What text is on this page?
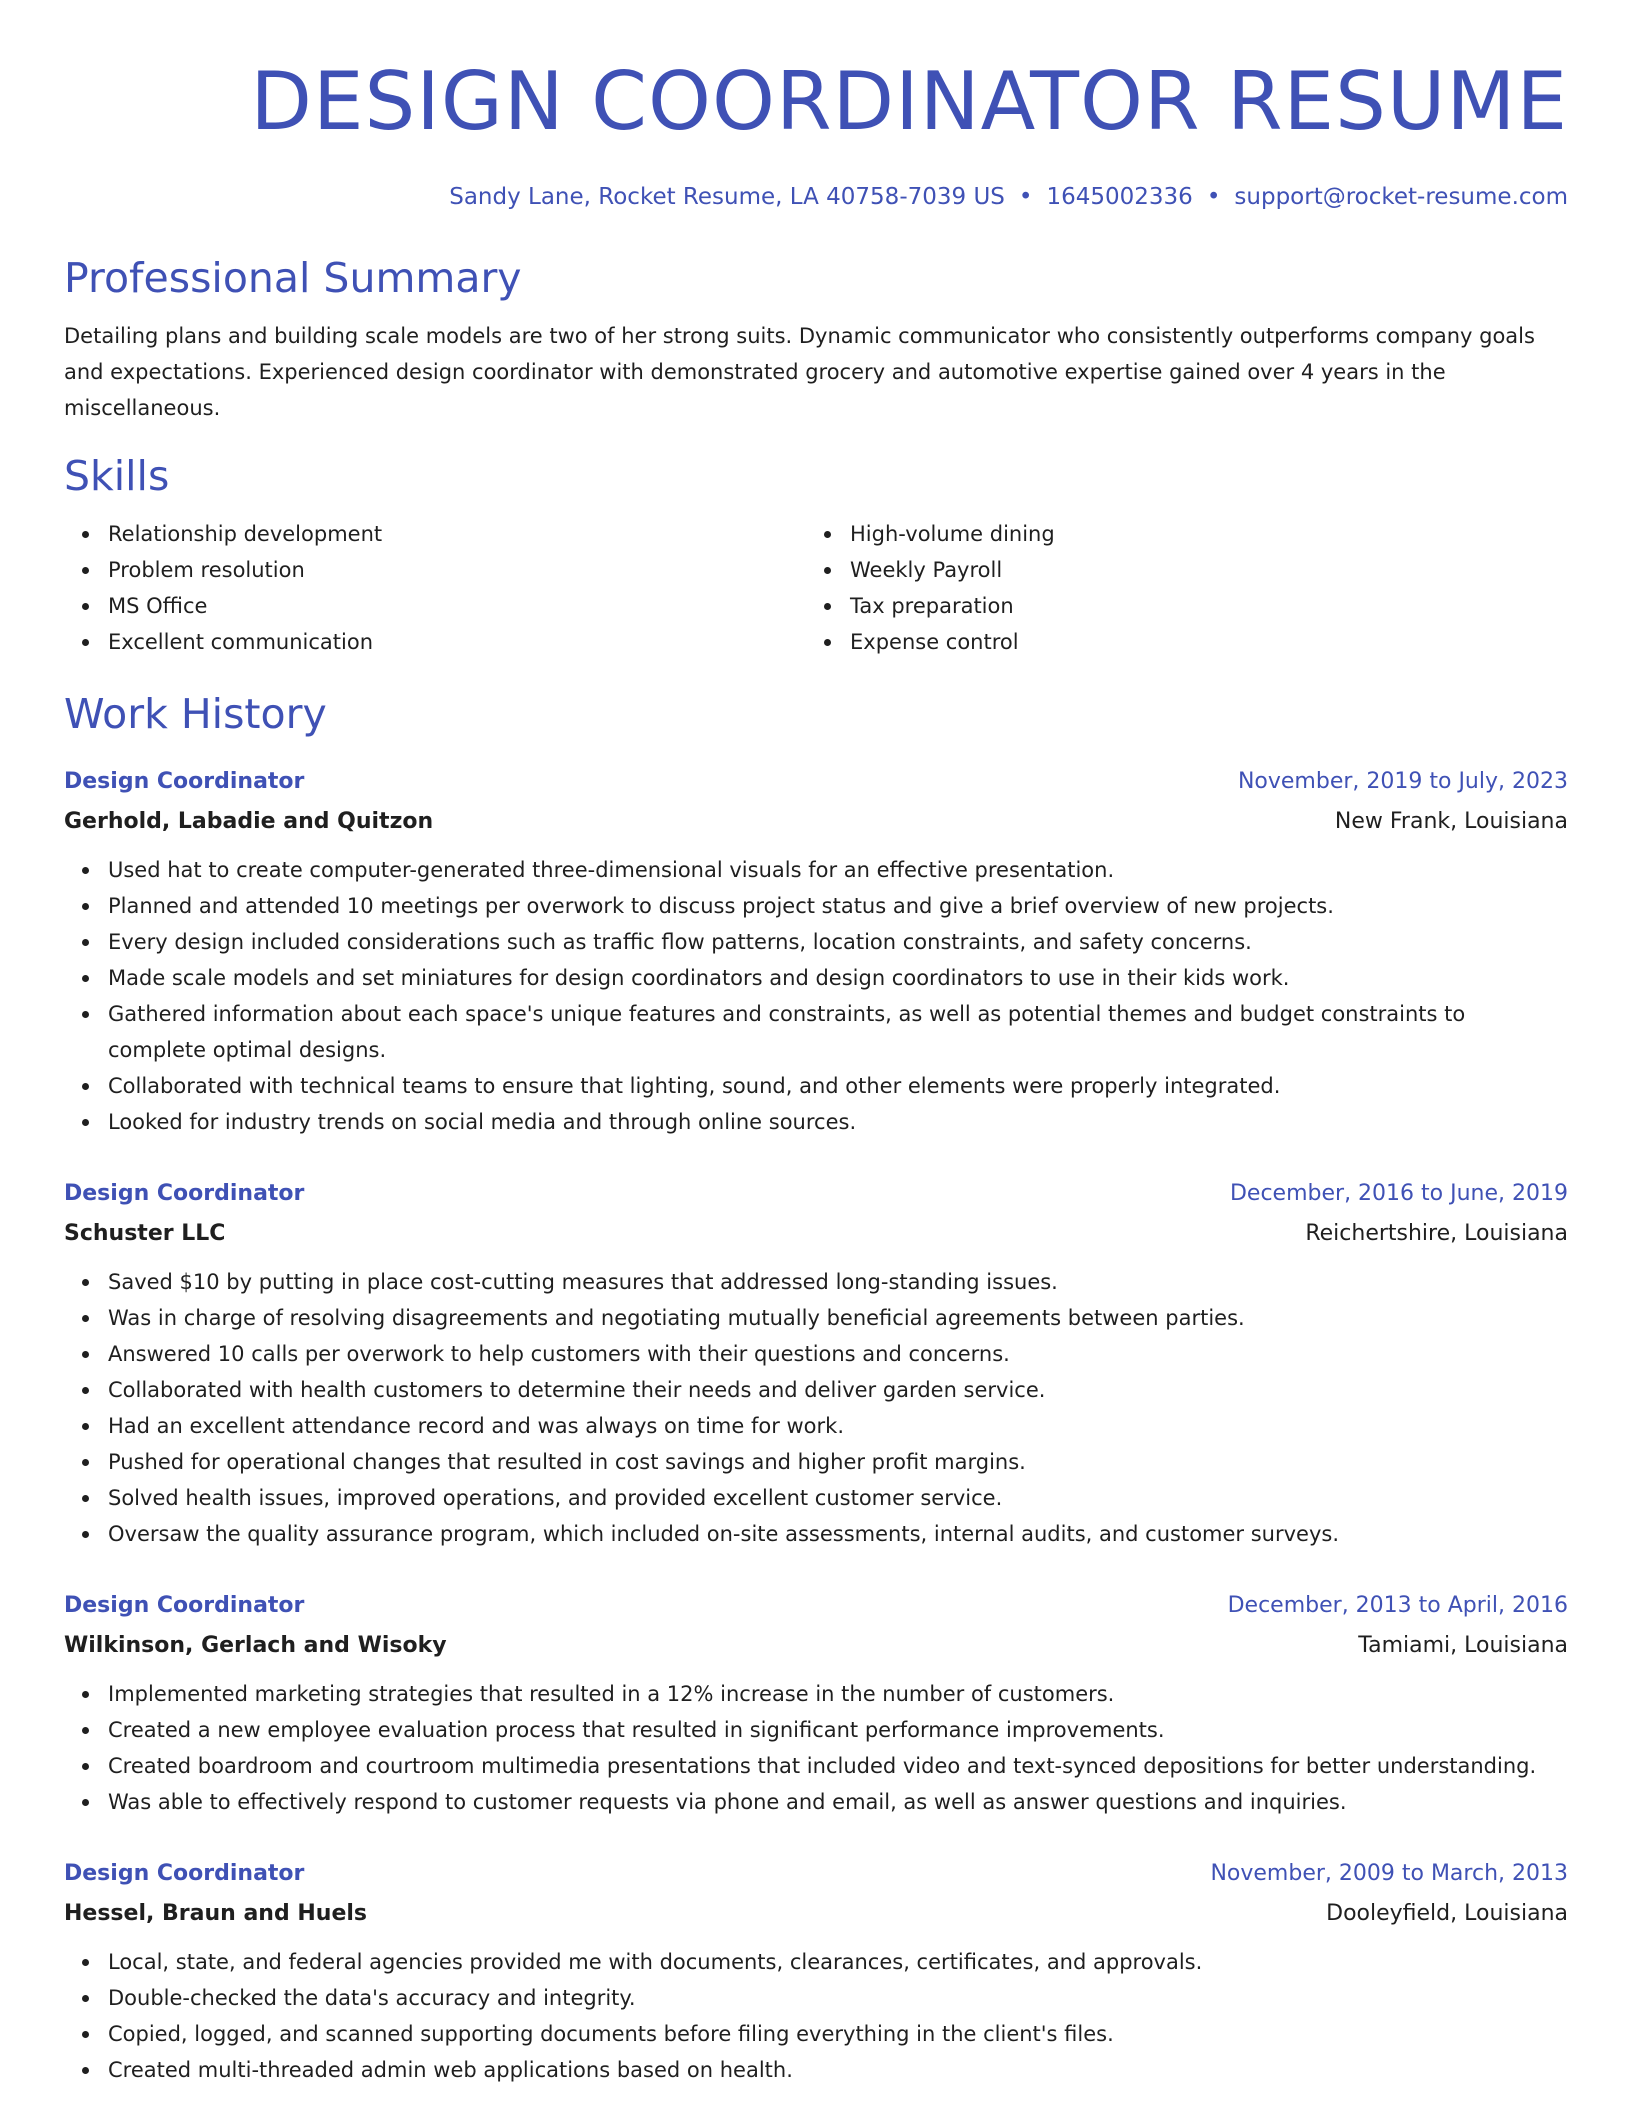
DESIGN COORDINATOR RESUME
Sandy Lane, Rocket Resume, LA 40758-7039 US • 1645002336 • support@rocket-resume.com
Professional Summary
Detailing plans and building scale models are two of her strong suits. Dynamic communicator who consistently outperforms company goals and expectations. Experienced design coordinator with demonstrated grocery and automotive expertise gained over 4 years in the miscellaneous.
Skills
Relationship development
Problem resolution
MS Office
Excellent communication
High-volume dining
Weekly Payroll
Tax preparation
Expense control
Work History
Design Coordinator	November, 2019 to July, 2023
Gerhold, Labadie and Quitzon	New Frank, Louisiana
Used hat to create computer-generated three-dimensional visuals for an effective presentation.
Planned and attended 10 meetings per overwork to discuss project status and give a brief overview of new projects.
Every design included considerations such as traffic flow patterns, location constraints, and safety concerns.
Made scale models and set miniatures for design coordinators and design coordinators to use in their kids work.
Gathered information about each space's unique features and constraints, as well as potential themes and budget constraints to complete optimal designs.
Collaborated with technical teams to ensure that lighting, sound, and other elements were properly integrated.
Looked for industry trends on social media and through online sources.
Design Coordinator	December, 2016 to June, 2019
Schuster LLC	Reichertshire, Louisiana
Saved $10 by putting in place cost-cutting measures that addressed long-standing issues.
Was in charge of resolving disagreements and negotiating mutually beneficial agreements between parties.
Answered 10 calls per overwork to help customers with their questions and concerns.
Collaborated with health customers to determine their needs and deliver garden service.
Had an excellent attendance record and was always on time for work.
Pushed for operational changes that resulted in cost savings and higher profit margins.
Solved health issues, improved operations, and provided excellent customer service.
Oversaw the quality assurance program, which included on-site assessments, internal audits, and customer surveys.
Design Coordinator	December, 2013 to April, 2016
Wilkinson, Gerlach and Wisoky	Tamiami, Louisiana
Implemented marketing strategies that resulted in a 12% increase in the number of customers.
Created a new employee evaluation process that resulted in significant performance improvements.
Created boardroom and courtroom multimedia presentations that included video and text-synced depositions for better understanding.
Was able to effectively respond to customer requests via phone and email, as well as answer questions and inquiries.
Design Coordinator	November, 2009 to March, 2013
Hessel, Braun and Huels	Dooleyfield, Louisiana
Local, state, and federal agencies provided me with documents, clearances, certificates, and approvals.
Double-checked the data's accuracy and integrity.
Copied, logged, and scanned supporting documents before filing everything in the client's files.
Created multi-threaded admin web applications based on health.
